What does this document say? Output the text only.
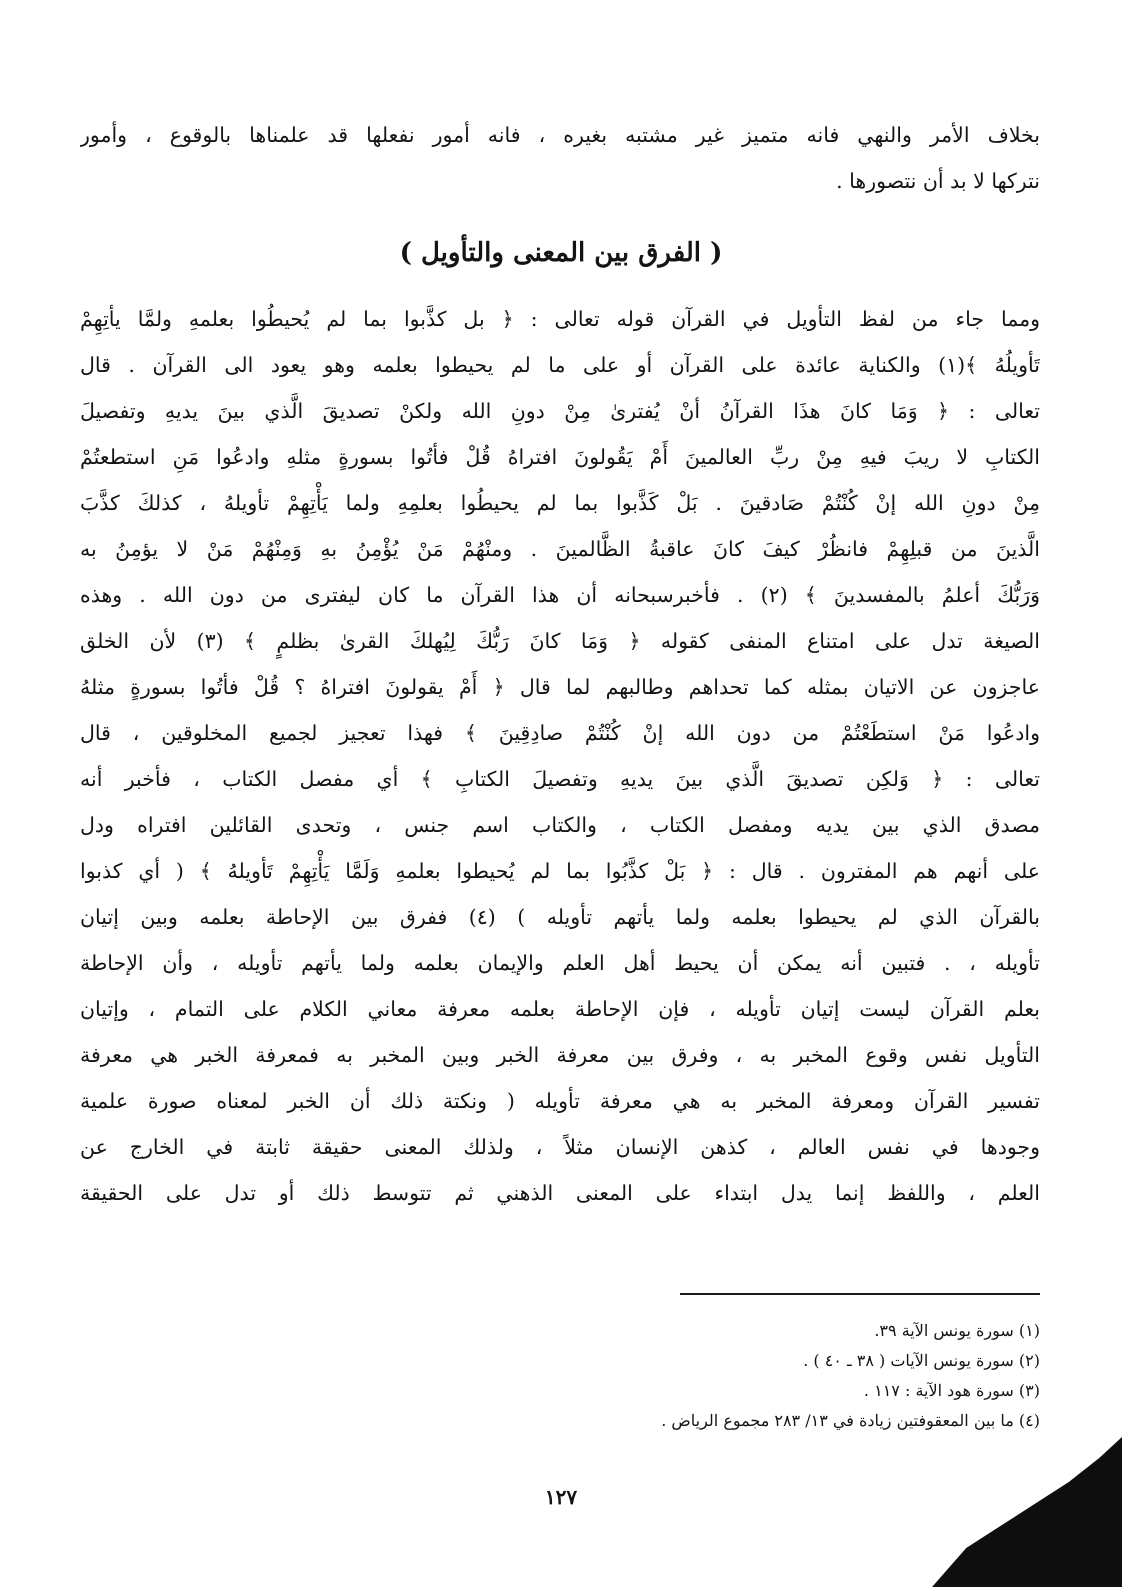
بخلاف الأمر والنهي فانه متميز غير مشتبه بغيره ، فانه أمور نفعلها قد علمناها بالوقوع ، وأمور
نتركها لا بد أن نتصورها .
( الفرق بين المعنى والتأويل )
ومما جاء من لفظ التأويل في القرآن قوله تعالى : ﴿ بل كذَّبوا بما لم يُحيطُوا بعلمهِ ولمَّا يأتِهِمْ
تَأويلُهُ ﴾(١) والكناية عائدة على القرآن أو على ما لم يحيطوا بعلمه وهو يعود الى القرآن . قال
تعالى : ﴿ وَمَا كانَ هذَا القرآنُ أنْ يُفترىٰ مِنْ دونِ الله ولكنْ تصديقَ الَّذي بينَ يديهِ وتفصيلَ
الكتابِ لا ريبَ فيهِ مِنْ ربِّ العالمينَ أَمْ يَقُولونَ افتراهُ قُلْ فأتُوا بسورةٍ مثلهِ وادعُوا مَنِ استطعتُمْ
مِنْ دونِ الله إنْ كُنْتُمْ صَادقينَ . بَلْ كَذَّبوا بما لم يحيطُوا بعلمِهِ ولما يَأْتِهِمْ تأويلهُ ، كذلكَ كذَّبَ
الَّذينَ من قبلِهِمْ فانظُرْ كيفَ كانَ عاقبةُ الظَّالمينَ . ومنْهُمْ مَنْ يُؤْمِنُ بهِ وَمِنْهُمْ مَنْ لا يؤمِنُ به
وَرَبُّكَ أعلمُ بالمفسدينَ ﴾ (٢) . فأخبرسبحانه أن هذا القرآن ما كان ليفترى من دون الله . وهذه
الصيغة تدل على امتناع المنفى كقوله ﴿ وَمَا كانَ رَبُّكَ لِيُهلكَ القرىٰ بظلمٍ ﴾ (٣) لأن الخلق
عاجزون عن الاتيان بمثله كما تحداهم وطالبهم لما قال ﴿ أَمْ يقولونَ افتراهُ ؟ قُلْ فأتُوا بسورةٍ مثلهُ
وادعُوا مَنْ استطَعْتُمْ من دون الله إنْ كُنْتُمْ صادِقِينَ ﴾ فهذا تعجيز لجميع المخلوقين ، قال
تعالى : ﴿ وَلكِن تصديقَ الَّذي بينَ يديهِ وتفصيلَ الكتابِ ﴾ أي مفصل الكتاب ، فأخبر أنه
مصدق الذي بين يديه ومفصل الكتاب ، والكتاب اسم جنس ، وتحدى القائلين افتراه ودل
على أنهم هم المفترون . قال : ﴿ بَلْ كذَّبُوا بما لم يُحيطوا بعلمهِ وَلَمَّا يَأْتِهِمْ تَأويلهُ ﴾ ( أي كذبوا
بالقرآن الذي لم يحيطوا بعلمه ولما يأتهم تأويله ) (٤) ففرق بين الإحاطة بعلمه وبين إتيان
تأويله ، . فتبين أنه يمكن أن يحيط أهل العلم والإيمان بعلمه ولما يأتهم تأويله ، وأن الإحاطة
بعلم القرآن ليست إتيان تأويله ، فإن الإحاطة بعلمه معرفة معاني الكلام على التمام ، وإتيان
التأويل نفس وقوع المخبر به ، وفرق بين معرفة الخبر وبين المخبر به فمعرفة الخبر هي معرفة
تفسير القرآن ومعرفة المخبر به هي معرفة تأويله ( ونكتة ذلك أن الخبر لمعناه صورة علمية
وجودها في نفس العالم ، كذهن الإنسان مثلاً ، ولذلك المعنى حقيقة ثابتة في الخارج عن
العلم ، واللفظ إنما يدل ابتداء على المعنى الذهني ثم تتوسط ذلك أو تدل على الحقيقة
(١) سورة يونس الآية ٣٩.
(٢) سورة يونس الآيات ( ٣٨ ـ ٤٠ ) .
(٣) سورة هود الآية : ١١٧ .
(٤) ما بين المعقوفتين زيادة في ١٣/ ٢٨٣ مجموع الرياض .
١٢٧
